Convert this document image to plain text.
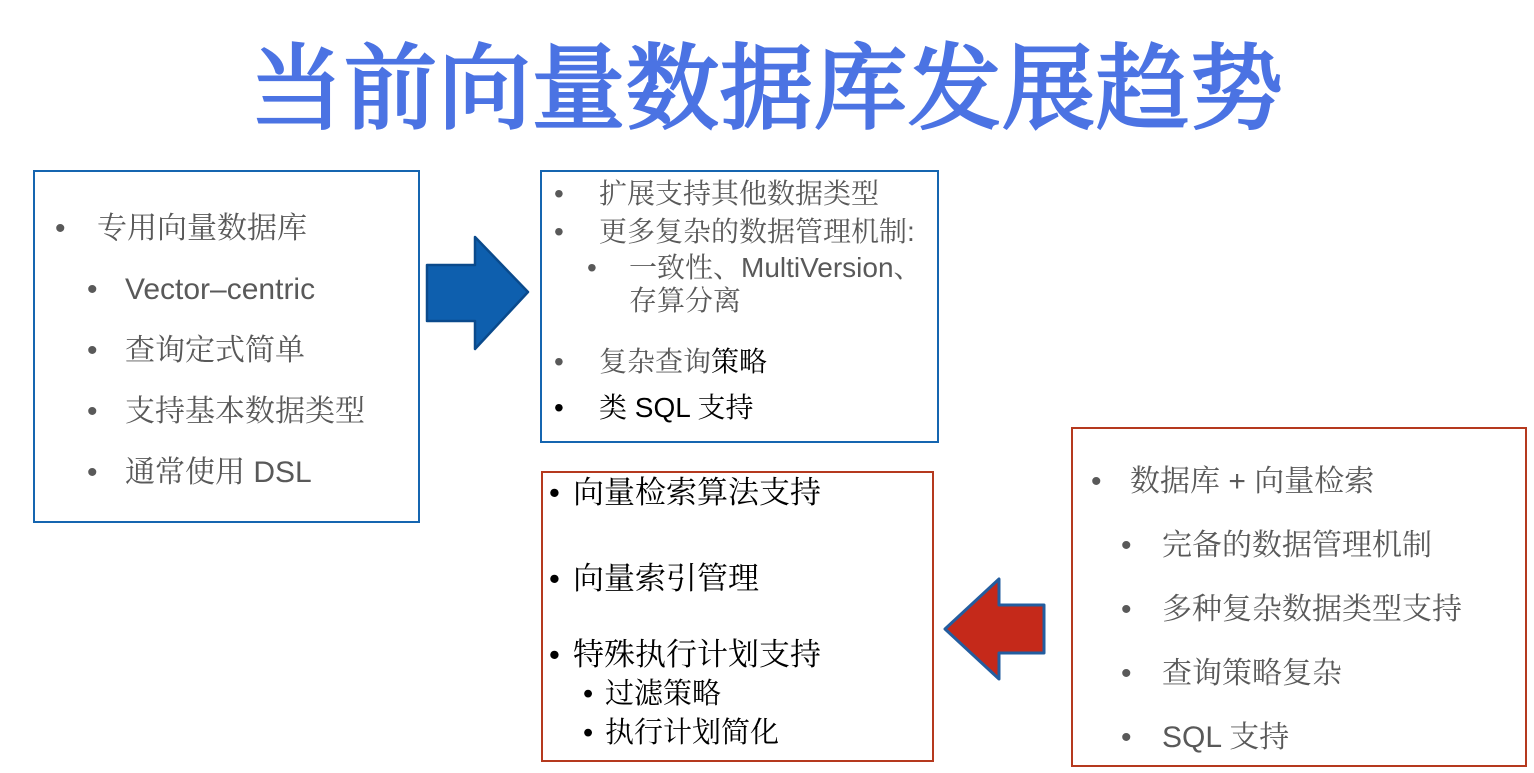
当前向量数据库发展趋势
• 专用向量数据库
• Vector–centric
• 查询定式简单
• 支持基本数据类型
• 通常使用 DSL
• 扩展支持其他数据类型
• 更多复杂的数据管理机制:
• 一致性、MultiVersion、存算分离
• 复杂查询策略
• 类 SQL 支持
• 向量检索算法支持
• 向量索引管理
• 特殊执行计划支持
• 过滤策略
• 执行计划简化
• 数据库 + 向量检索
• 完备的数据管理机制
• 多种复杂数据类型支持
• 查询策略复杂
• SQL 支持
